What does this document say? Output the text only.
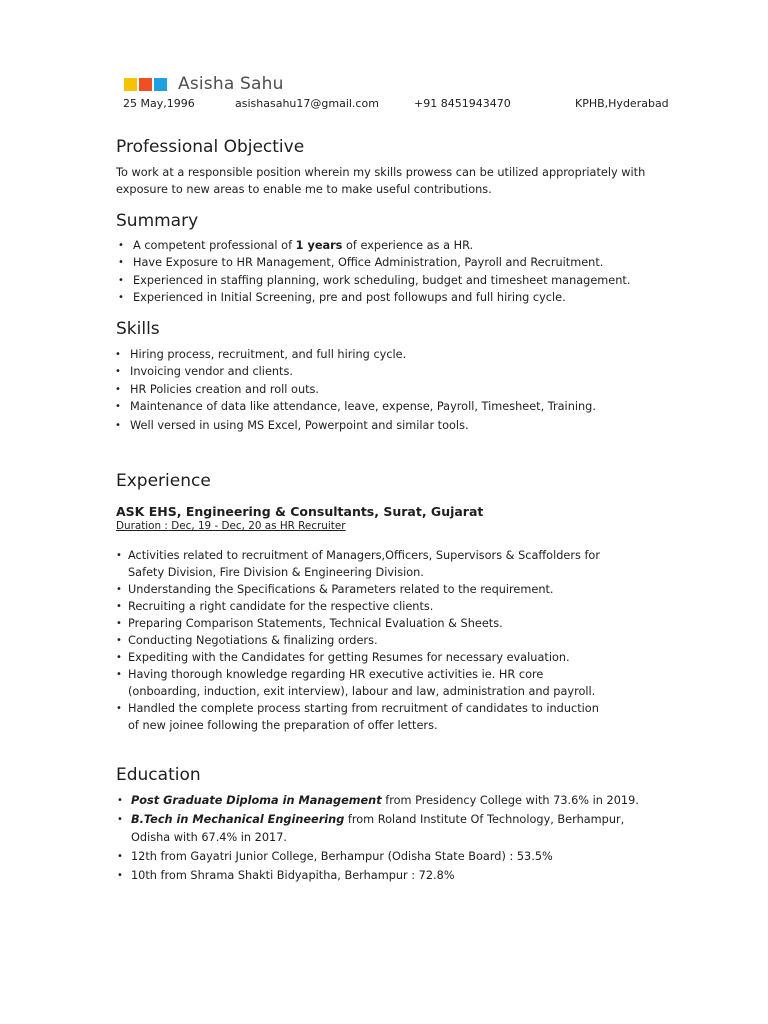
Asisha Sahu
25 May,1996	asishasahu17@gmail.com	+91 8451943470	KPHB,Hyderabad
Professional Objective

To work at a responsible position wherein my skills prowess can be utilized appropriately with exposure to new areas to enable me to make useful contributions.

Summary
• A competent professional of 1 years of experience as a HR.
• Have Exposure to HR Management, Office Administration, Payroll and Recruitment.
• Experienced in staffing planning, work scheduling, budget and timesheet management.
• Experienced in Initial Screening, pre and post followups and full hiring cycle.
Skills
• Hiring process, recruitment, and full hiring cycle.
• Invoicing vendor and clients.
• HR Policies creation and roll outs.
• Maintenance of data like attendance, leave, expense, Payroll, Timesheet, Training.
• Well versed in using MS Excel, Powerpoint and similar tools.
Experience

ASK EHS, Engineering & Consultants, Surat, Gujarat

Duration : Dec, 19 - Dec, 20 as HR Recruiter

• Activities related to recruitment of Managers,Officers, Supervisors & Scaffolders for
Safety Division, Fire Division & Engineering Division.
• Understanding the Specifications & Parameters related to the requirement.
• Recruiting a right candidate for the respective clients.
• Preparing Comparison Statements, Technical Evaluation & Sheets.
• Conducting Negotiations & finalizing orders.
• Expediting with the Candidates for getting Resumes for necessary evaluation.
• Having thorough knowledge regarding HR executive activities ie. HR core
(onboarding, induction, exit interview), labour and law, administration and payroll.
• Handled the complete process starting from recruitment of candidates to induction
of new joinee following the preparation of offer letters.
Education
• Post Graduate Diploma in Management from Presidency College with 73.6% in 2019.
• B.Tech in Mechanical Engineering from Roland Institute Of Technology, Berhampur, Odisha with 67.4% in 2017.
• 12th from Gayatri Junior College, Berhampur (Odisha State Board) : 53.5%
• 10th from Shrama Shakti Bidyapitha, Berhampur : 72.8%
